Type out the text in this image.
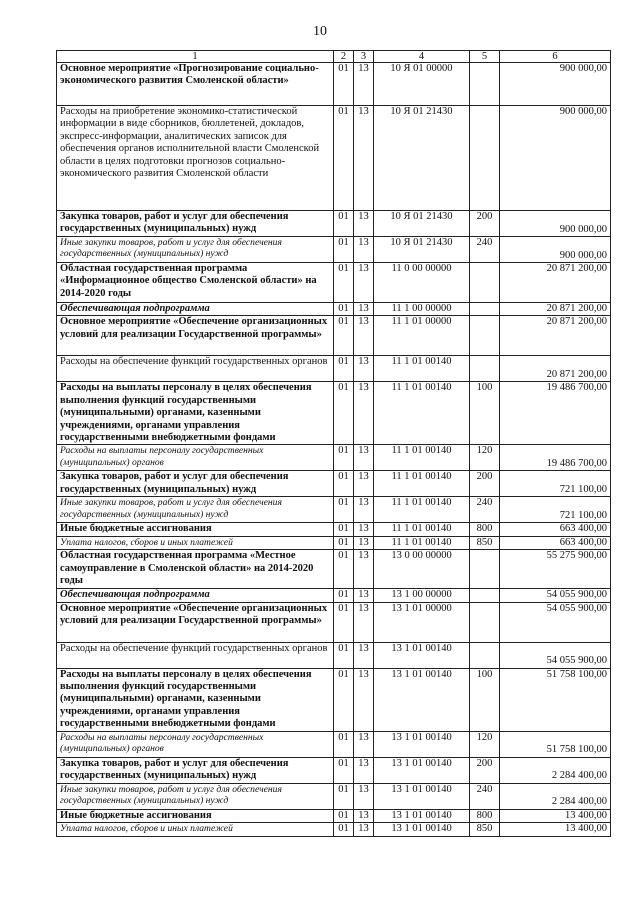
10
1	2	3	4	5	6
Основное мероприятие «Прогнозирование социально-экономического развития Смоленской области»	01	13	10 Я 01 00000		900 000,00
Расходы на приобретение экономико-статистической информации в виде сборников, бюллетеней, докладов, экспресс-информации, аналитических записок для обеспечения органов исполнительной власти Смоленской области в целях подготовки прогнозов социально-экономического развития Смоленской области	01	13	10 Я 01 21430		900 000,00
Закупка товаров, работ и услуг для обеспечения государственных (муниципальных) нужд	01	13	10 Я 01 21430	200	900 000,00
Иные закупки товаров, работ и услуг для обеспечения государственных (муниципальных) нужд	01	13	10 Я 01 21430	240	900 000,00
Областная государственная программа «Информационное общество Смоленской области» на 2014-2020 годы	01	13	11 0 00 00000		20 871 200,00
Обеспечивающая подпрограмма	01	13	11 1 00 00000		20 871 200,00
Основное мероприятие «Обеспечение организационных условий для реализации Государственной программы»	01	13	11 1 01 00000		20 871 200,00
Расходы на обеспечение функций государственных органов	01	13	11 1 01 00140		20 871 200,00
Расходы на выплаты персоналу в целях обеспечения выполнения функций государственными (муниципальными) органами, казенными учреждениями, органами управления государственными внебюджетными фондами	01	13	11 1 01 00140	100	19 486 700,00
Расходы на выплаты персоналу государственных (муниципальных) органов	01	13	11 1 01 00140	120	19 486 700,00
Закупка товаров, работ и услуг для обеспечения государственных (муниципальных) нужд	01	13	11 1 01 00140	200	721 100,00
Иные закупки товаров, работ и услуг для обеспечения государственных (муниципальных) нужд	01	13	11 1 01 00140	240	721 100,00
Иные бюджетные ассигнования	01	13	11 1 01 00140	800	663 400,00
Уплата налогов, сборов и иных платежей	01	13	11 1 01 00140	850	663 400,00
Областная государственная программа «Местное самоуправление в Смоленской области» на 2014-2020 годы	01	13	13 0 00 00000		55 275 900,00
Обеспечивающая подпрограмма	01	13	13 1 00 00000		54 055 900,00
Основное мероприятие «Обеспечение организационных условий для реализации Государственной программы»	01	13	13 1 01 00000		54 055 900,00
Расходы на обеспечение функций государственных органов	01	13	13 1 01 00140		54 055 900,00
Расходы на выплаты персоналу в целях обеспечения выполнения функций государственными (муниципальными) органами, казенными учреждениями, органами управления государственными внебюджетными фондами	01	13	13 1 01 00140	100	51 758 100,00
Расходы на выплаты персоналу государственных (муниципальных) органов	01	13	13 1 01 00140	120	51 758 100,00
Закупка товаров, работ и услуг для обеспечения государственных (муниципальных) нужд	01	13	13 1 01 00140	200	2 284 400,00
Иные закупки товаров, работ и услуг для обеспечения государственных (муниципальных) нужд	01	13	13 1 01 00140	240	2 284 400,00
Иные бюджетные ассигнования	01	13	13 1 01 00140	800	13 400,00
Уплата налогов, сборов и иных платежей	01	13	13 1 01 00140	850	13 400,00
